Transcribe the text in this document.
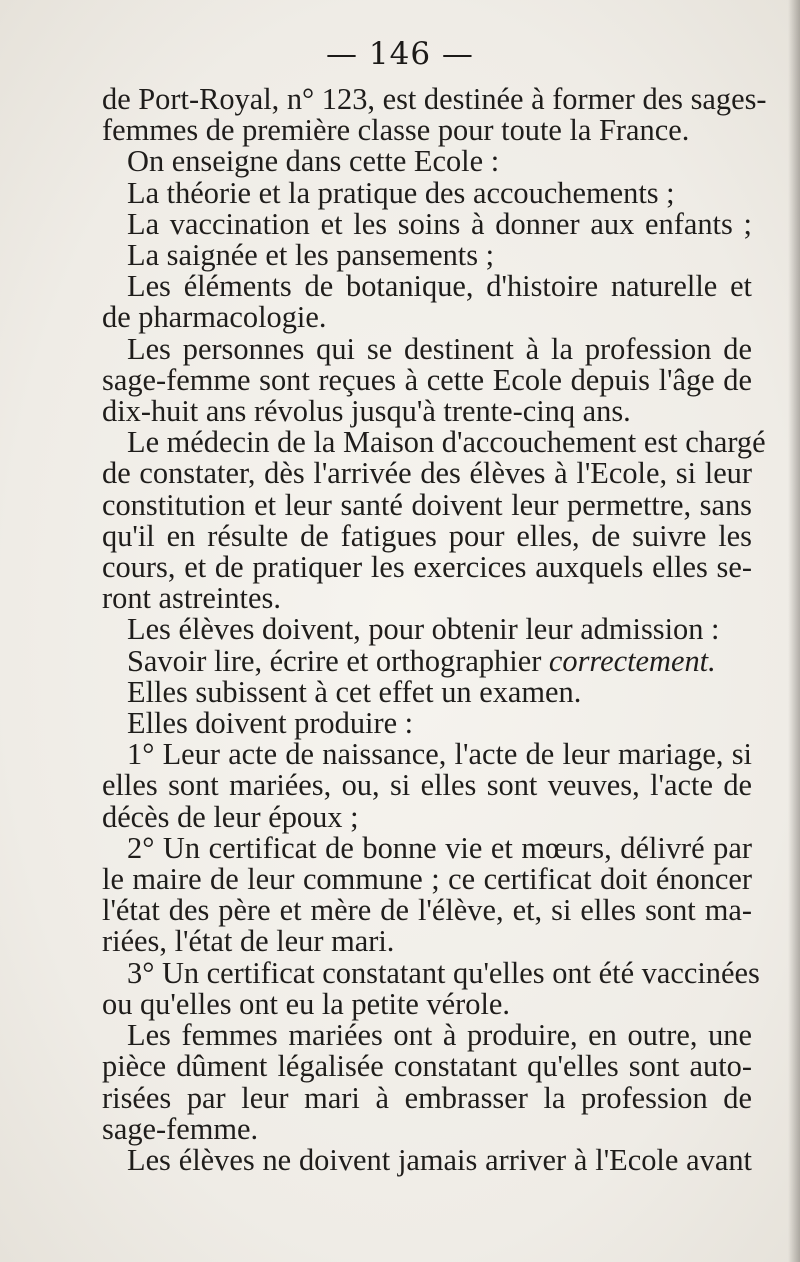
— 146 —
de Port-Royal, n° 123, est destinée à former des sages-
femmes de première classe pour toute la France.
On enseigne dans cette Ecole :
La théorie et la pratique des accouchements ;
La vaccination et les soins à donner aux enfants ;
La saignée et les pansements ;
Les éléments de botanique, d'histoire naturelle et
de pharmacologie.
Les personnes qui se destinent à la profession de
sage-femme sont reçues à cette Ecole depuis l'âge de
dix-huit ans révolus jusqu'à trente-cinq ans.
Le médecin de la Maison d'accouchement est chargé
de constater, dès l'arrivée des élèves à l'Ecole, si leur
constitution et leur santé doivent leur permettre, sans
qu'il en résulte de fatigues pour elles, de suivre les
cours, et de pratiquer les exercices auxquels elles se-
ront astreintes.
Les élèves doivent, pour obtenir leur admission :
Savoir lire, écrire et orthographier correctement.
Elles subissent à cet effet un examen.
Elles doivent produire :
1° Leur acte de naissance, l'acte de leur mariage, si
elles sont mariées, ou, si elles sont veuves, l'acte de
décès de leur époux ;
2° Un certificat de bonne vie et mœurs, délivré par
le maire de leur commune ; ce certificat doit énoncer
l'état des père et mère de l'élève, et, si elles sont ma-
riées, l'état de leur mari.
3° Un certificat constatant qu'elles ont été vaccinées
ou qu'elles ont eu la petite vérole.
Les femmes mariées ont à produire, en outre, une
pièce dûment légalisée constatant qu'elles sont auto-
risées par leur mari à embrasser la profession de
sage-femme.
Les élèves ne doivent jamais arriver à l'Ecole avant
